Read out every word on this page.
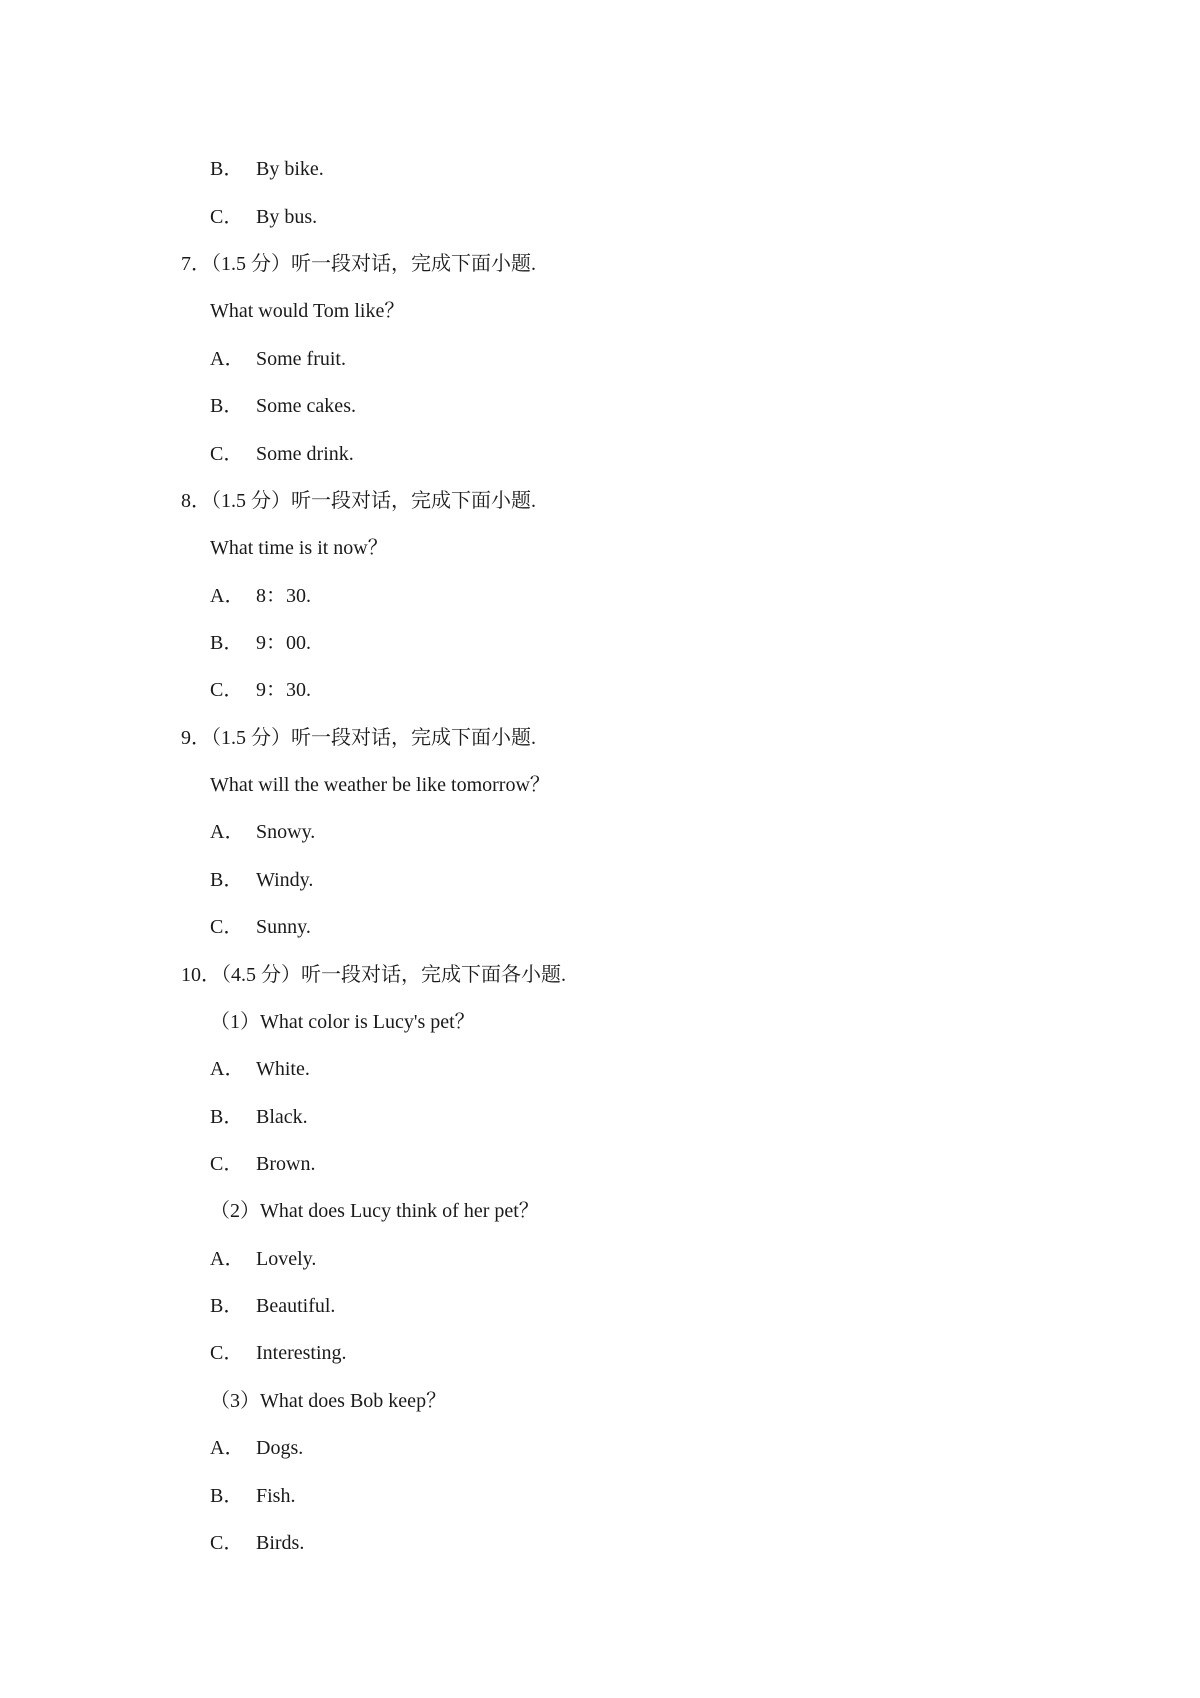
B． By bike.
C． By bus.
7．（1.5 分）听一段对话，完成下面小题.
What would Tom like？
A． Some fruit.
B． Some cakes.
C． Some drink.
8．（1.5 分）听一段对话，完成下面小题.
What time is it now？
A． 8：30.
B． 9：00.
C． 9：30.
9．（1.5 分）听一段对话，完成下面小题.
What will the weather be like tomorrow？
A． Snowy.
B． Windy.
C． Sunny.
10．（4.5 分）听一段对话，完成下面各小题.
（1）What color is Lucy's pet？
A． White.
B． Black.
C． Brown.
（2）What does Lucy think of her pet？
A． Lovely.
B． Beautiful.
C． Interesting.
（3）What does Bob keep？
A． Dogs.
B． Fish.
C． Birds.
